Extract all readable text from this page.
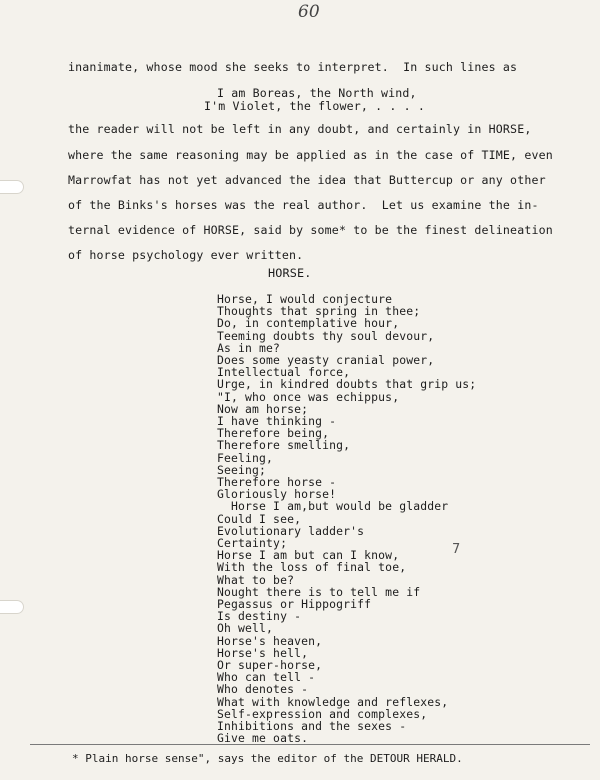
60
inanimate, whose mood she seeks to interpret.  In such lines as
I am Boreas, the North wind,
I'm Violet, the flower, . . . .
the reader will not be left in any doubt, and certainly in HORSE,
where the same reasoning may be applied as in the case of TIME, even
Marrowfat has not yet advanced the idea that Buttercup or any other
of the Binks's horses was the real author.  Let us examine the in-
ternal evidence of HORSE, said by some* to be the finest delineation
of horse psychology ever written.
HORSE.
Horse, I would conjecture
Thoughts that spring in thee;
Do, in contemplative hour,
Teeming doubts thy soul devour,
As in me?
Does some yeasty cranial power,
Intellectual force,
Urge, in kindred doubts that grip us;
"I, who once was echippus,
Now am horse;
I have thinking -
Therefore being,
Therefore smelling,
Feeling,
Seeing;
Therefore horse -
Gloriously horse!
Horse I am,but would be gladder
Could I see,
Evolutionary ladder's
Certainty;
Horse I am but can I know,
With the loss of final toe,
What to be?
Nought there is to tell me if
Pegassus or Hippogriff
Is destiny -
Oh well,
Horse's heaven,
Horse's hell,
Or super-horse,
Who can tell -
Who denotes -
What with knowledge and reflexes,
Self-expression and complexes,
Inhibitions and the sexes -
Give me oats.
7
* Plain horse sense", says the editor of the DETOUR HERALD.
